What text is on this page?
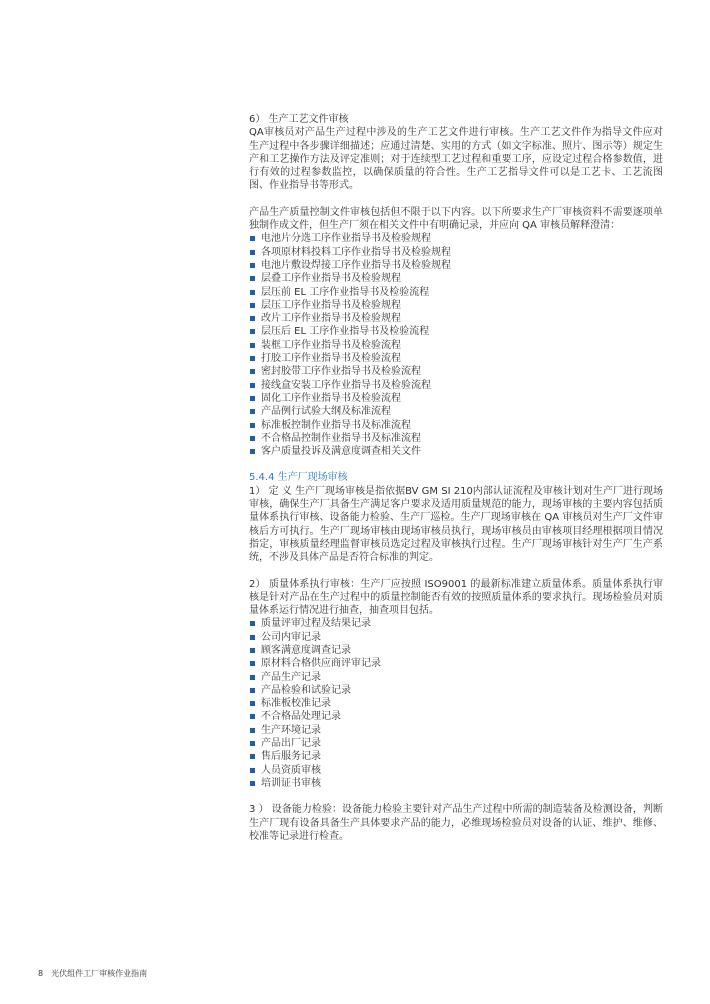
6） 生产工艺文件审核

QA审核员对产品生产过程中涉及的生产工艺文件进行审核。生产工艺文件作为指导文件应对生产过程中各步骤详细描述；应通过清楚、实用的方式（如文字标准、照片、图示等）规定生产和工艺操作方法及评定准则；对于连续型工艺过程和重要工序，应设定过程合格参数值，进行有效的过程参数监控，以确保质量的符合性。生产工艺指导文件可以是工艺卡、工艺流图图、作业指导书等形式。

产品生产质量控制文件审核包括但不限于以下内容。以下所要求生产厂审核资料不需要逐项单独制作成文件，但生产厂须在相关文件中有明确记录，并应向 QA 审核员解释澄清：

电池片分选工序作业指导书及检验规程
各项原材料投料工序作业指导书及检验规程
电池片敷设焊接工序作业指导书及检验规程
层叠工序作业指导书及检验规程
层压前 EL 工序作业指导书及检验流程
层压工序作业指导书及检验规程
改片工序作业指导书及检验规程
层压后 EL 工序作业指导书及检验流程
装框工序作业指导书及检验流程
打胶工序作业指导书及检验流程
密封胶带工序作业指导书及检验流程
接线盒安装工序作业指导书及检验流程
固化工序作业指导书及检验流程
产品例行试验大纲及标准流程
标准板控制作业指导书及标准流程
不合格品控制作业指导书及标准流程
客户质量投诉及满意度调查相关文件

5.4.4 生产厂现场审核

1） 定 义 生产厂现场审核是指依据BV GM SI 210内部认证流程及审核计划对生产厂进行现场审核，确保生产厂具备生产满足客户要求及适用质量规范的能力，现场审核的主要内容包括质量体系执行审核、设备能力检验、生产厂巡检。生产厂现场审核在 QA 审核员对生产厂文件审核后方可执行。生产厂现场审核由现场审核员执行，现场审核员由审核项目经理根据项目情况指定，审核质量经理监督审核员选定过程及审核执行过程。生产厂现场审核针对生产厂生产系统，不涉及具体产品是否符合标准的判定。

2） 质量体系执行审核：生产厂应按照 ISO9001 的最新标准建立质量体系。质量体系执行审核是针对产品在生产过程中的质量控制能否有效的按照质量体系的要求执行。现场检验员对质量体系运行情况进行抽查，抽查项目包括。

质量评审过程及结果记录
公司内审记录
顾客满意度调查记录
原材料合格供应商评审记录
产品生产记录
产品检验和试验记录
标准板校准记录
不合格品处理记录
生产环境记录
产品出厂记录
售后服务记录
人员资质审核
培训证书审核

3 ） 设备能力检验：设备能力检验主要针对产品生产过程中所需的制造装备及检测设备，判断生产厂现有设备具备生产具体要求产品的能力，必维现场检验员对设备的认证、维护、维修、校准等记录进行检查。

8 光伏组件工厂审核作业指南
